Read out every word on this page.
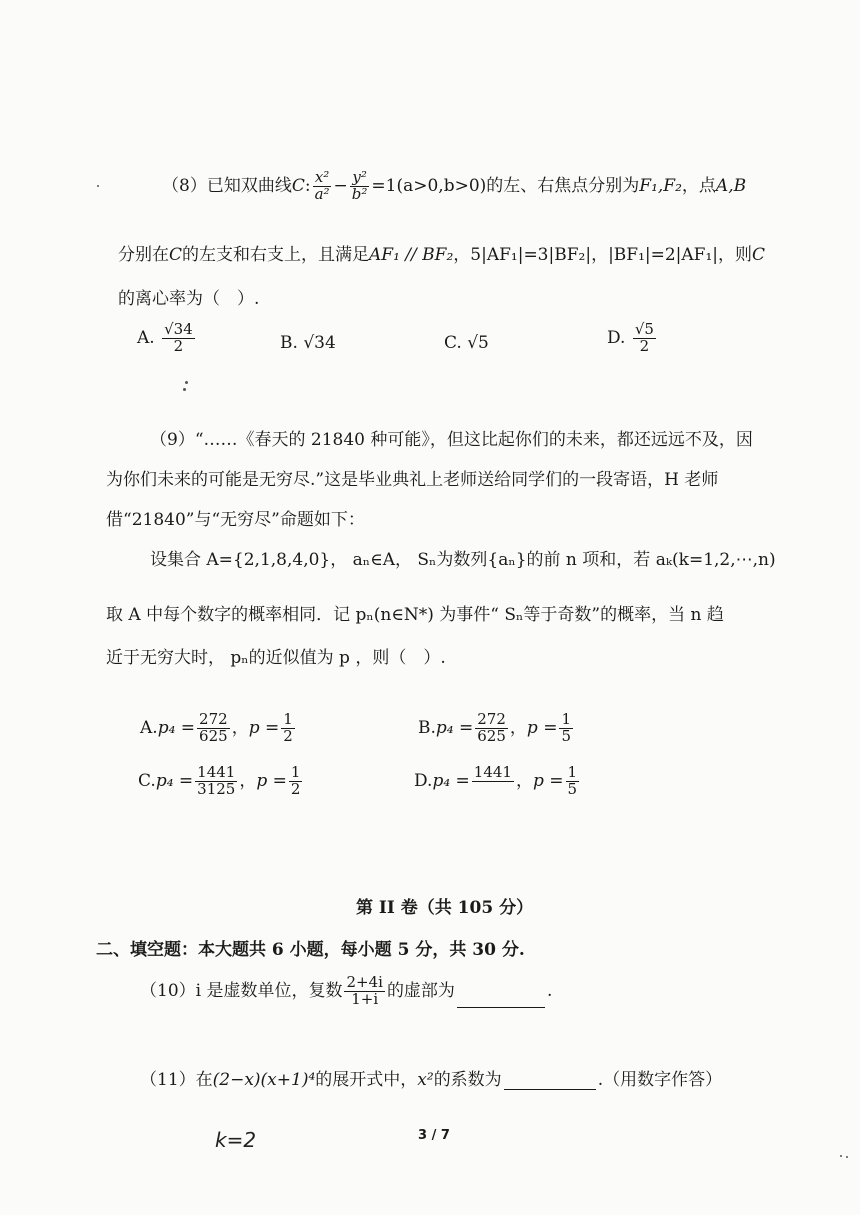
（8）已知双曲线C: $\frac{\text{x²}}{\text{a²}} - \frac{\text{y²}}{\text{b²}} =1(a>0,b>0)$的左、右焦点分别为F₁,F₂，点A,B
分别在C的左支和右支上，且满足AF₁ // BF₂，5|AF₁|=3|BF₂|，|BF₁|=2|AF₁|，则C
的离心率为（　）.
A. $\frac{√34}{2}$	B. √34	C. √5	D. $\frac{√5}{2}$
（9）“……《春天的 21840 种可能》，但这比起你们的未来，都还远远不及，因
为你们未来的可能是无穷尽.”这是毕业典礼上老师送给同学们的一段寄语，H 老师
借“21840”与“无穷尽”命题如下：
设集合 A={2,1,8,4,0}， aₙ∈A， Sₙ为数列{aₙ}的前 n 项和，若 aₖ(k=1,2,⋯,n)
取 A 中每个数字的概率相同．记 pₙ(n∈N*) 为事件“ Sₙ等于奇数”的概率，当 n 趋
近于无穷大时， pₙ的近似值为 p ，则（　）.
$A.p_4 = \frac{272}{625}$ ，$p = \frac{1}{2}$	$B.p_4 = \frac{272}{625}$ ，$p = \frac{1}{5}$
$C.p_4 = \frac{1441}{3125}$ ，$p = \frac{1}{2}$	D.p₄ = 1441 ，$p = \frac{1}{5}$
第 II 卷（共 105 分）
二、填空题：本大题共 6 小题，每小题 5 分，共 30 分.
（10）i 是虚数单位，复数 $\frac{2+4i}{1+i}$ 的虚部为	.
（11）在(2−x)(x+1)⁴的展开式中，x²的系数为	.（用数字作答）
k=2	3 / 7
